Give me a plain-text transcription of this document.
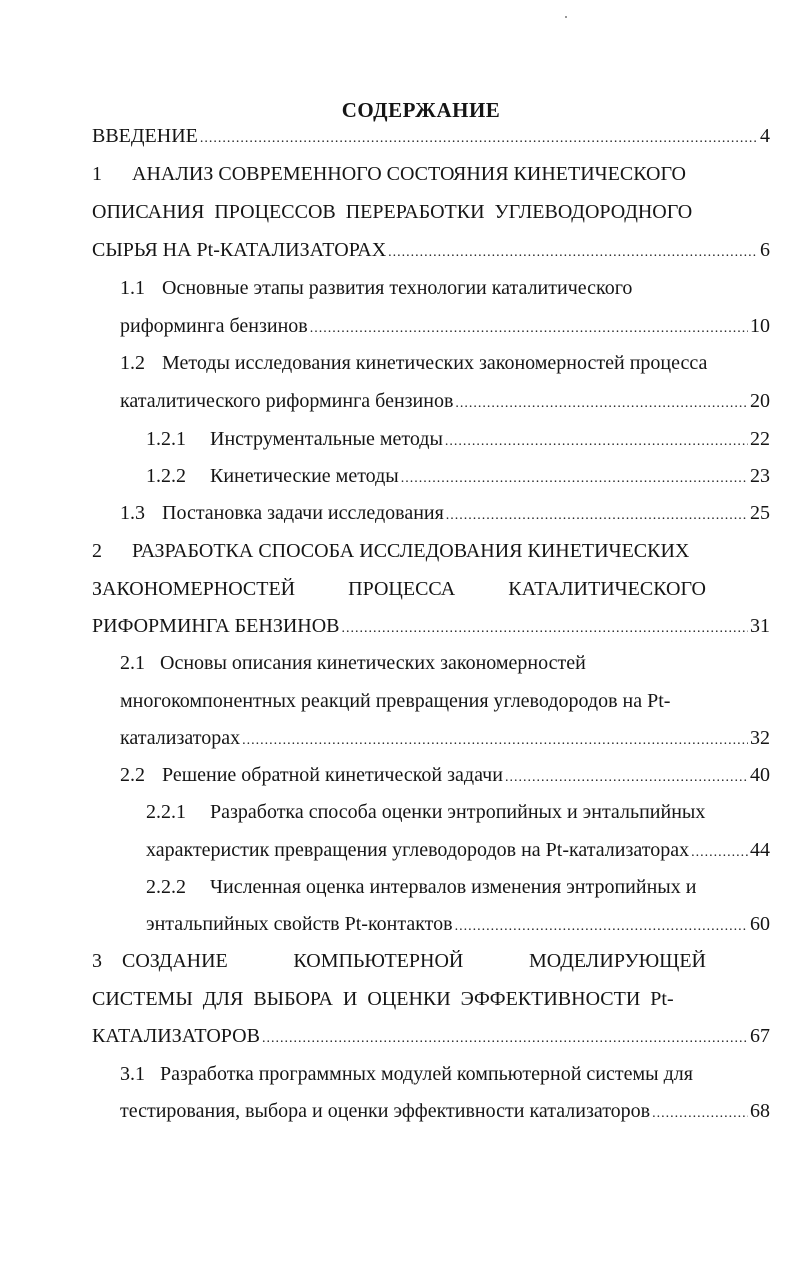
СОДЕРЖАНИЕ
ВВЕДЕНИЕ .....	4
1 АНАЛИЗ СОВРЕМЕННОГО СОСТОЯНИЯ КИНЕТИЧЕСКОГО
ОПИСАНИЯ ПРОЦЕССОВ ПЕРЕРАБОТКИ УГЛЕВОДОРОДНОГО
СЫРЬЯ НА Pt-КАТАЛИЗАТОРАХ .....	6
1.1 Основные этапы развития технологии каталитического
риформинга бензинов .....	10
1.2 Методы исследования кинетических закономерностей процесса
каталитического риформинга бензинов .....	20
1.2.1 Инструментальные методы .....	22
1.2.2 Кинетические методы .....	23
1.3 Постановка задачи исследования .....	25
2 РАЗРАБОТКА СПОСОБА ИССЛЕДОВАНИЯ КИНЕТИЧЕСКИХ
ЗАКОНОМЕРНОСТЕЙ	ПРОЦЕССА	КАТАЛИТИЧЕСКОГО
РИФОРМИНГА БЕНЗИНОВ .....	31
2.1 Основы описания кинетических закономерностей
многокомпонентных реакций превращения углеводородов на Pt-
катализаторах .....	32
2.2 Решение обратной кинетической задачи .....	40
2.2.1 Разработка способа оценки энтропийных и энтальпийных
характеристик превращения углеводородов на Pt-катализаторах .....	44
2.2.2 Численная оценка интервалов изменения энтропийных и
энтальпийных свойств Pt-контактов .....	60
3 СОЗДАНИЕ	КОМПЬЮТЕРНОЙ	МОДЕЛИРУЮЩЕЙ
СИСТЕМЫ ДЛЯ ВЫБОРА И ОЦЕНКИ ЭФФЕКТИВНОСТИ Pt-
КАТАЛИЗАТОРОВ .....	67
3.1 Разработка программных модулей компьютерной системы для
тестирования, выбора и оценки эффективности катализаторов .....	68
